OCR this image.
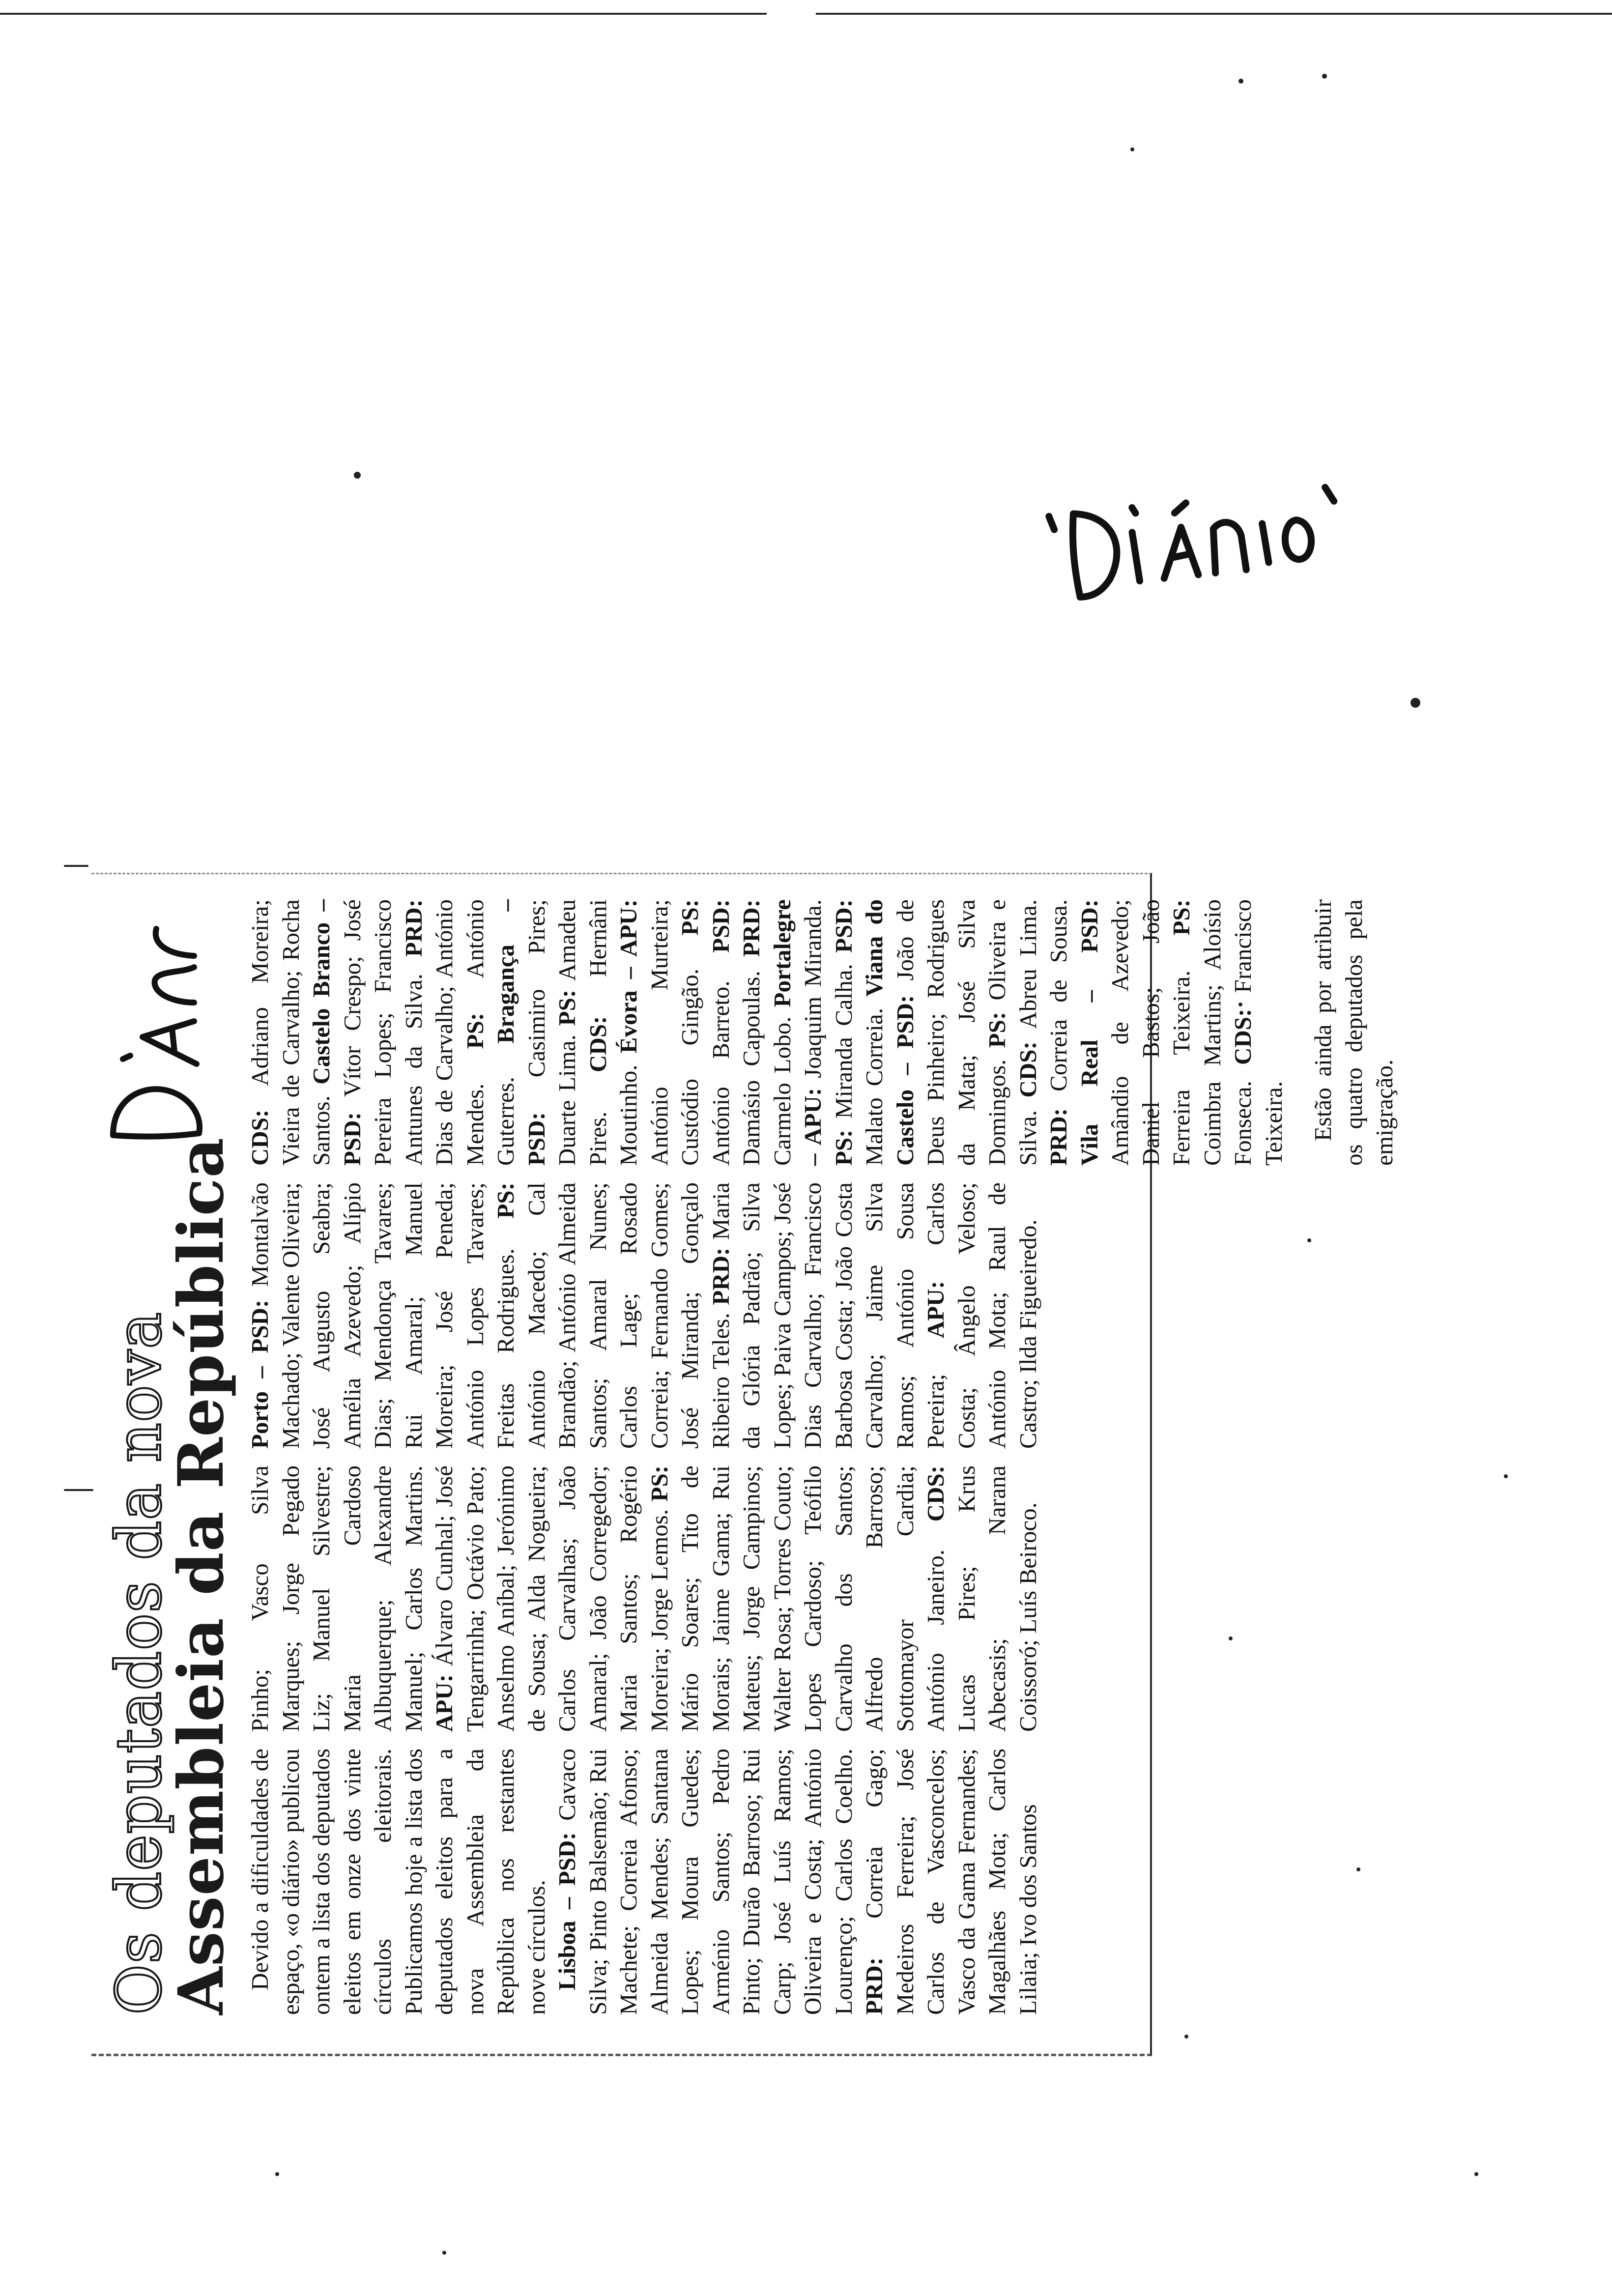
Os deputados da nova
Assembleia da República Devido a dificuldades de espaço, «o diário» publicou ontem a lista dos deputados eleitos em onze dos vinte círculos eleitorais. Publicamos hoje a lista dos deputados eleitos para a nova Assembleia da República nos restantes nove círculos. Lisboa – PSD: Cavaco Silva; Pinto Balsemão; Rui Machete; Correia Afonso; Almeida Mendes; Santana Lopes; Moura Guedes; Arménio Santos; Pedro Pinto; Durão Barroso; Rui Carp; José Luís Ramos; Oliveira e Costa; António Lourenço; Carlos Coelho. PRD: Correia Gago; Medeiros Ferreira; José Carlos de Vasconcelos; Vasco da Gama Fernandes; Magalhães Mota; Carlos Lilaia; Ivo dos Santos

Pinho; Vasco Silva Marques; Jorge Pegado Liz; Manuel Silvestre; Maria Cardoso Albuquerque; Alexandre Manuel; Carlos Martins. APU: Álvaro Cunhal; José Tengarrinha; Octávio Pato; Anselmo Aníbal; Jerónimo de Sousa; Alda Nogueira; Carlos Carvalhas; João Amaral; João Corregedor; Maria Santos; Rogério Moreira; Jorge Lemos. PS: Mário Soares; Tito de Morais; Jaime Gama; Rui Mateus; Jorge Campinos; Walter Rosa; Torres Couto; Lopes Cardoso; Teófilo Carvalho dos Santos; Alfredo Barroso; Sottomayor Cardia; António Janeiro. CDS: Lucas Pires; Krus Abecasis; Narana Coissoró; Luís Beiroco.

Porto – PSD: Montalvão Machado; Valente Oliveira; José Augusto Seabra; Amélia Azevedo; Alípio Dias; Mendonça Tavares; Rui Amaral; Manuel Moreira; José Peneda; António Lopes Tavares; Freitas Rodrigues. PS: António Macedo; Cal Brandão; António Almeida Santos; Amaral Nunes; Carlos Lage; Rosado Correia; Fernando Gomes; José Miranda; Gonçalo Ribeiro Teles. PRD: Maria da Glória Padrão; Silva Lopes; Paiva Campos; José Dias Carvalho; Francisco Barbosa Costa; João Costa Carvalho; Jaime Silva Ramos; António Sousa Pereira; APU: Carlos Costa; Ângelo Veloso; António Mota; Raul de Castro; Ilda Figueiredo.

CDS: Adriano Moreira; Vieira de Carvalho; Rocha Santos. Castelo Branco – PSD: Vítor Crespo; José Pereira Lopes; Francisco Antunes da Silva. PRD: Dias de Carvalho; António Mendes. PS: António Guterres. Bragança – PSD: Casimiro Pires; Duarte Lima. PS: Amadeu Pires. CDS: Hernâni Moutinho. Évora – APU: António Murteira; Custódio Gingão. PS: António Barreto. PSD: Damásio Capoulas. PRD: Carmelo Lobo. Portalegre – APU: Joaquim Miranda. PS: Miranda Calha. PSD: Malato Correia. Viana do Castelo – PSD: João de Deus Pinheiro; Rodrigues da Mata; José Silva Domingos. PS: Oliveira e Silva. CDS: Abreu Lima. PRD: Correia de Sousa. Vila Real – PSD: Amândio de Azevedo; Daniel Bastos; João Ferreira Teixeira. PS: Coimbra Martins; Aloísio Fonseca. CDS: Francisco Teixeira. Estão ainda por atribuir os quatro deputados pela emigração.
